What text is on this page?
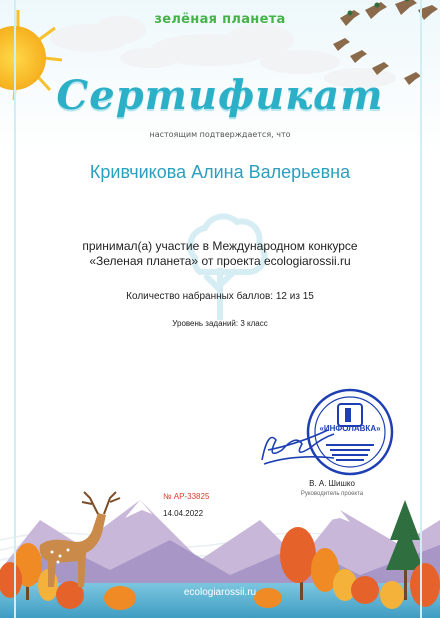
зелёная планета
Сертификат
настоящим подтверждается, что
Кривчикова Алина Валерьевна
принимал(а) участие в Международном конкурсе
«Зеленая планета» от проекта ecologiarossii.ru
Количество набранных баллов: 12 из 15
Уровень заданий: 3 класс
«ИНФОЛАВКА»
В. А. Шишко
Руководитель проекта
№ АР-33825
14.04.2022
ecologiarossii.ru
